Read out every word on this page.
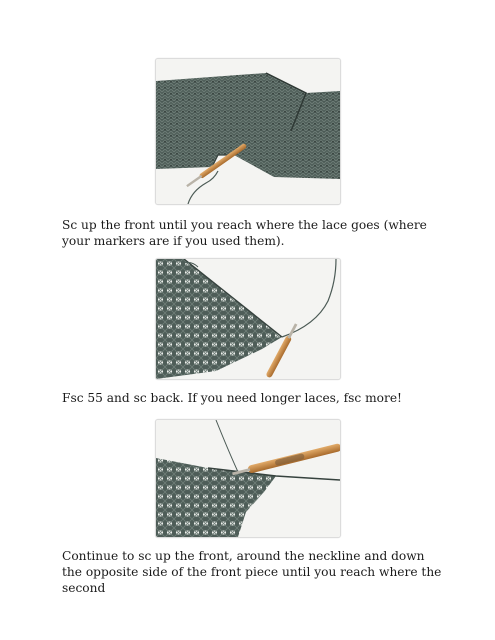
Sc up the front until you reach where the lace goes (where your markers are if you used them).

Fsc 55 and sc back. If you need longer laces, fsc more!

Continue to sc up the front, around the neckline and down the opposite side of the front piece until you reach where the second
